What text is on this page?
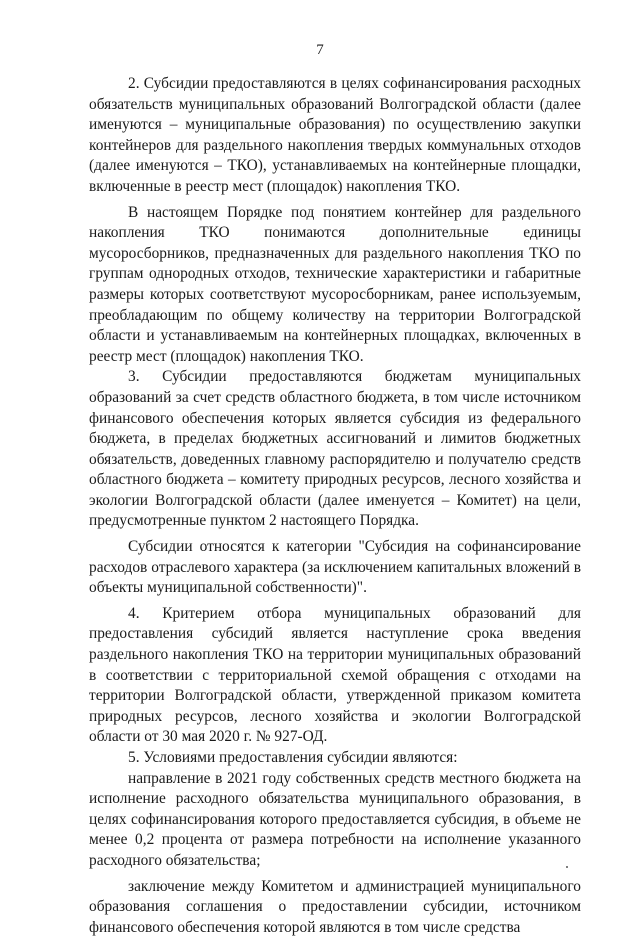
7

2. Субсидии предоставляются в целях софинансирования расходных обязательств муниципальных образований Волгоградской области (далее именуются – муниципальные образования) по осуществлению закупки контейнеров для раздельного накопления твердых коммунальных отходов (далее именуются – ТКО), устанавливаемых на контейнерные площадки, включенные в реестр мест (площадок) накопления ТКО.

В настоящем Порядке под понятием контейнер для раздельного накопления ТКО понимаются дополнительные единицы мусоросборников, предназначенных для раздельного накопления ТКО по группам однородных отходов, технические характеристики и габаритные размеры которых соответствуют мусоросборникам, ранее используемым, преобладающим по общему количеству на территории Волгоградской области и устанавливаемым на контейнерных площадках, включенных в реестр мест (площадок) накопления ТКО.

3. Субсидии предоставляются бюджетам муниципальных образований за счет средств областного бюджета, в том числе источником финансового обеспечения которых является субсидия из федерального бюджета, в пределах бюджетных ассигнований и лимитов бюджетных обязательств, доведенных главному распорядителю и получателю средств областного бюджета – комитету природных ресурсов, лесного хозяйства и экологии Волгоградской области (далее именуется – Комитет) на цели, предусмотренные пунктом 2 настоящего Порядка.

Субсидии относятся к категории "Субсидия на софинансирование расходов отраслевого характера (за исключением капитальных вложений в объекты муниципальной собственности)".

4. Критерием отбора муниципальных образований для предоставления субсидий является наступление срока введения раздельного накопления ТКО на территории муниципальных образований в соответствии с территориальной схемой обращения с отходами на территории Волгоградской области, утвержденной приказом комитета природных ресурсов, лесного хозяйства и экологии Волгоградской области от 30 мая 2020 г. № 927-ОД.

5. Условиями предоставления субсидии являются:

направление в 2021 году собственных средств местного бюджета на исполнение расходного обязательства муниципального образования, в целях софинансирования которого предоставляется субсидия, в объеме не менее 0,2 процента от размера потребности на исполнение указанного расходного обязательства;

заключение между Комитетом и администрацией муниципального образования соглашения о предоставлении субсидии, источником финансового обеспечения которой являются в том числе средства
